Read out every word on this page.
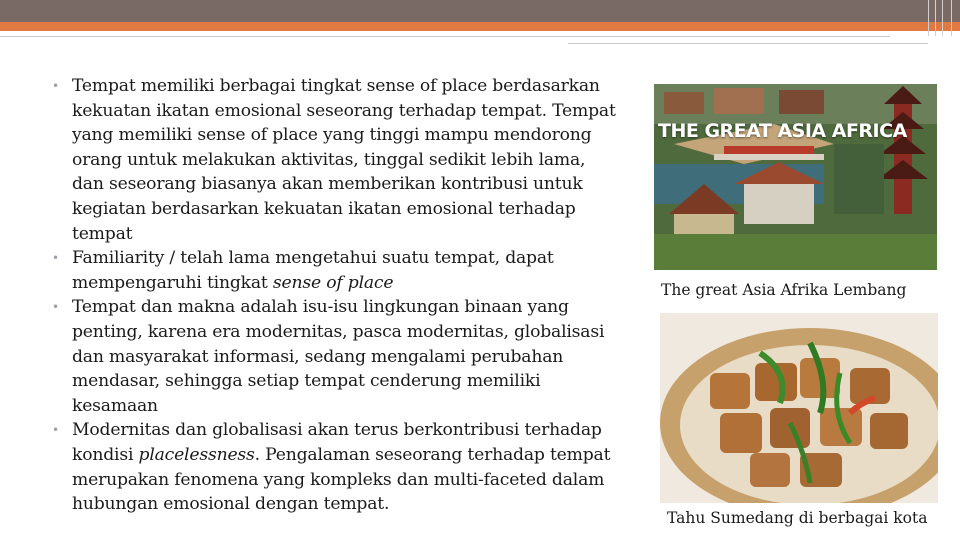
• Tempat memiliki berbagai tingkat sense of place berdasarkan kekuatan ikatan emosional seseorang terhadap tempat. Tempat yang memiliki sense of place yang tinggi mampu mendorong orang untuk melakukan aktivitas, tinggal sedikit lebih lama, dan seseorang biasanya akan memberikan kontribusi untuk kegiatan berdasarkan kekuatan ikatan emosional terhadap tempat
• Familiarity / telah lama mengetahui suatu tempat, dapat mempengaruhi tingkat sense of place
• Tempat dan makna adalah isu-isu lingkungan binaan yang penting, karena era modernitas, pasca modernitas, globalisasi dan masyarakat informasi, sedang mengalami perubahan mendasar, sehingga setiap tempat cenderung memiliki kesamaan
• Modernitas dan globalisasi akan terus berkontribusi terhadap kondisi placelessness. Pengalaman seseorang terhadap tempat merupakan fenomena yang kompleks dan multi-faceted dalam hubungan emosional dengan tempat.
THE GREAT ASIA AFRICA
The great Asia Afrika Lembang
Tahu Sumedang di berbagai kota
